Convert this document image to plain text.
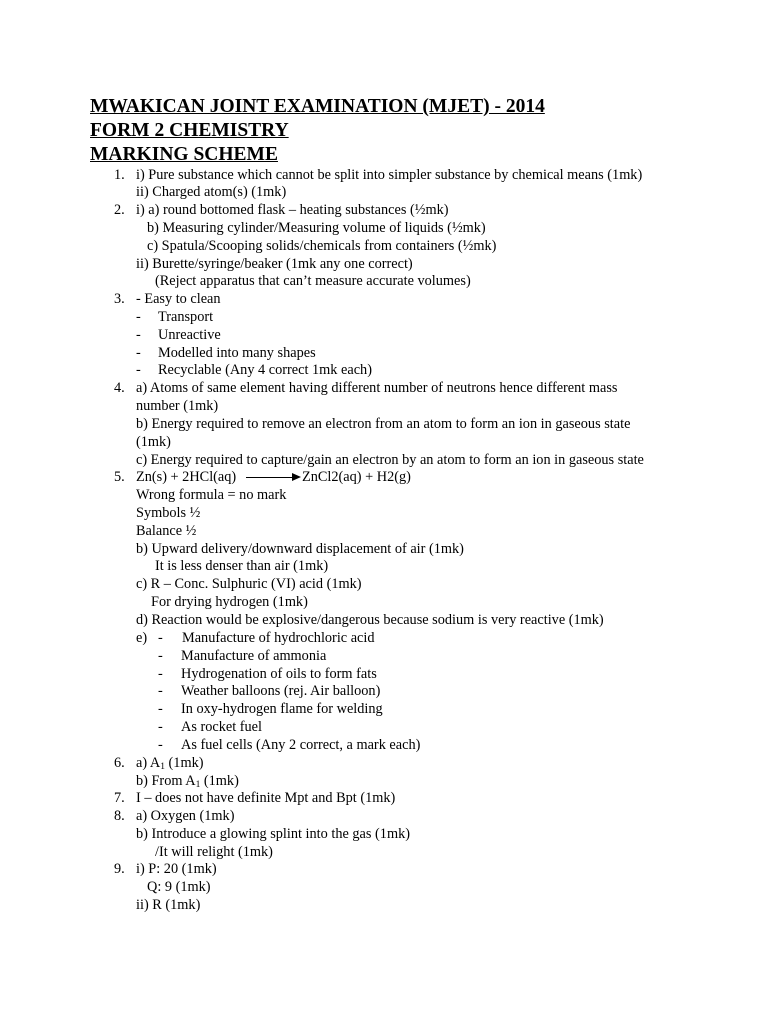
MWAKICAN JOINT EXAMINATION (MJET) - 2014
FORM 2 CHEMISTRY
MARKING SCHEME
1.
2.
3.
4.
5.
6.
7.
8.
9.
i) Pure substance which cannot be split into simpler substance by chemical means (1mk)
ii) Charged atom(s) (1mk)
i) a) round bottomed flask – heating substances (½mk)
b) Measuring cylinder/Measuring volume of liquids (½mk)
c) Spatula/Scooping solids/chemicals from containers (½mk)
ii) Burette/syringe/beaker (1mk any one correct)
(Reject apparatus that can’t measure accurate volumes)
- Easy to clean
- Transport
- Unreactive
- Modelled into many shapes
- Recyclable (Any 4 correct 1mk each)
a) Atoms of same element having different number of neutrons hence different mass
number (1mk)
b) Energy required to remove an electron from an atom to form an ion in gaseous state
(1mk)
c) Energy required to capture/gain an electron by an atom to form an ion in gaseous state
Zn(s) + 2HCl(aq)	ZnCl2(aq) + H2(g)
Wrong formula = no mark
Symbols ½
Balance ½
b) Upward delivery/downward displacement of air (1mk)
It is less denser than air (1mk)
c) R – Conc. Sulphuric (VI) acid (1mk)
For drying hydrogen (1mk)
d) Reaction would be explosive/dangerous because sodium is very reactive (1mk)
e) - Manufacture of hydrochloric acid
- Manufacture of ammonia
- Hydrogenation of oils to form fats
- Weather balloons (rej. Air balloon)
- In oxy-hydrogen flame for welding
- As rocket fuel
- As fuel cells (Any 2 correct, a mark each)
a) $A_1$ (1mk)
b) From $A_1$ (1mk)
I – does not have definite Mpt and Bpt (1mk)
a) Oxygen (1mk)
b) Introduce a glowing splint into the gas (1mk)
/It will relight (1mk)
i) P: 20 (1mk)
Q: 9 (1mk)
ii) R (1mk)
